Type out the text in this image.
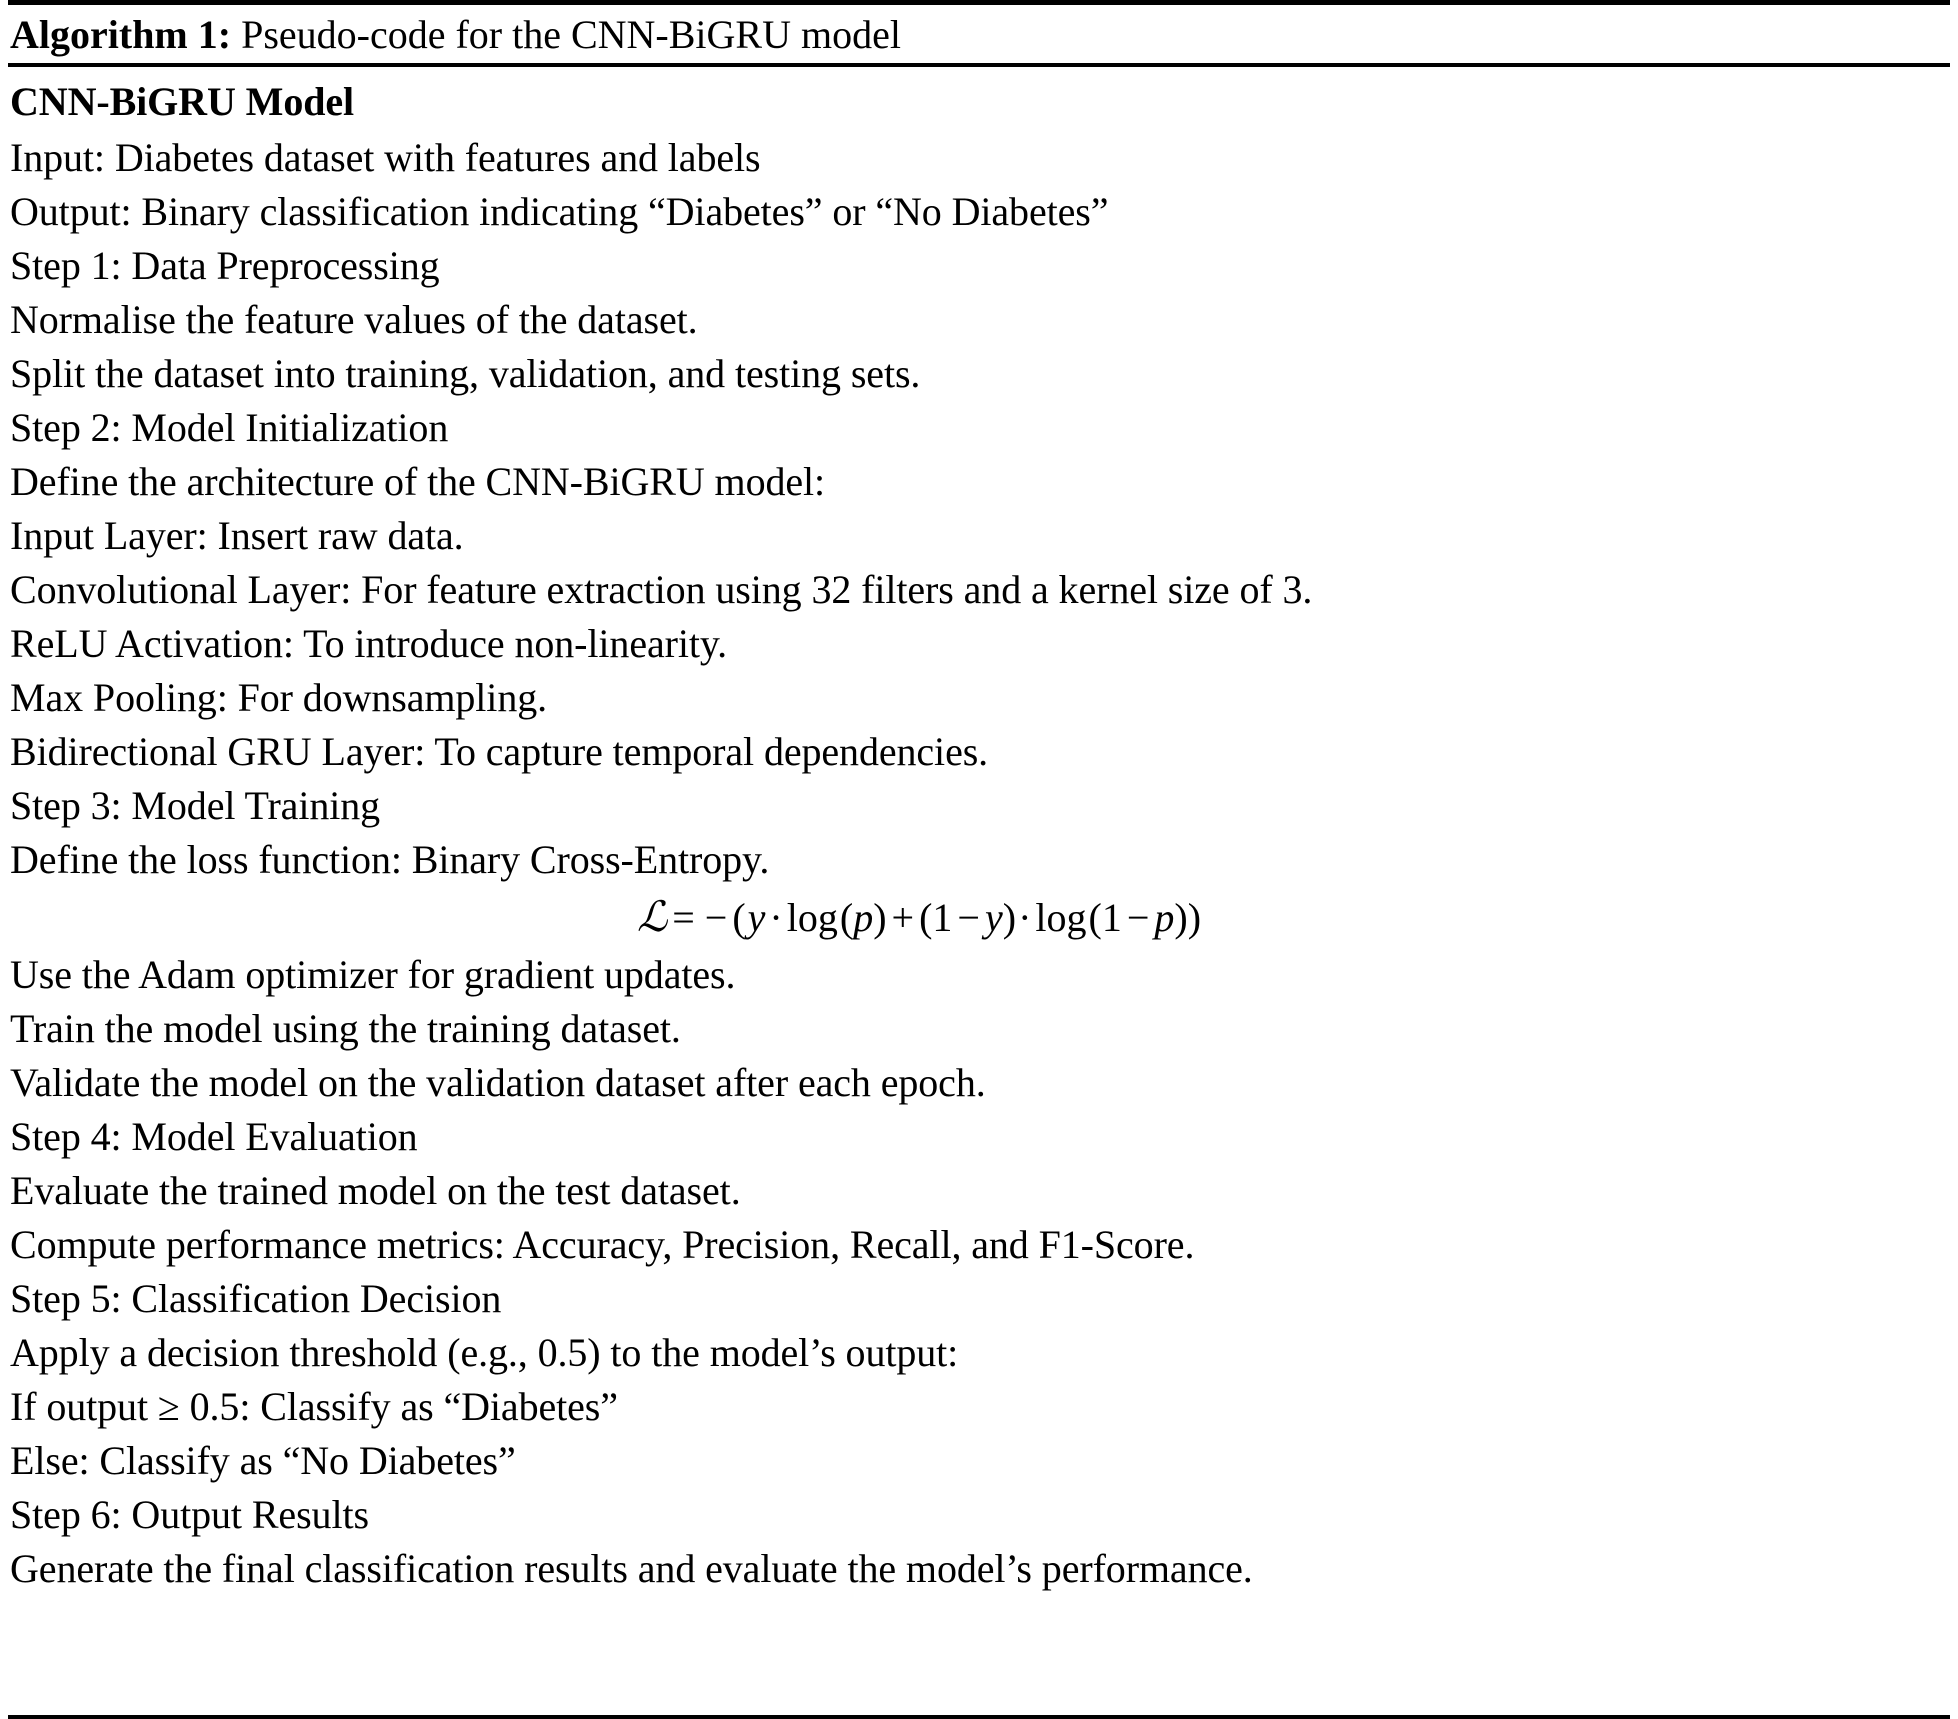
Algorithm 1: Pseudo-code for the CNN-BiGRU model
CNN-BiGRU Model
Input: Diabetes dataset with features and labels
Output: Binary classification indicating “Diabetes” or “No Diabetes”
Step 1: Data Preprocessing
Normalise the feature values of the dataset.
Split the dataset into training, validation, and testing sets.
Step 2: Model Initialization
Define the architecture of the CNN-BiGRU model:
Input Layer: Insert raw data.
Convolutional Layer: For feature extraction using 32 filters and a kernel size of 3.
ReLU Activation: To introduce non-linearity.
Max Pooling: For downsampling.
Bidirectional GRU Layer: To capture temporal dependencies.
Step 3: Model Training
Define the loss function: Binary Cross-Entropy.
ℒ = − (y · log(p) + (1 − y)· log(1 − p))
Use the Adam optimizer for gradient updates.
Train the model using the training dataset.
Validate the model on the validation dataset after each epoch.
Step 4: Model Evaluation
Evaluate the trained model on the test dataset.
Compute performance metrics: Accuracy, Precision, Recall, and F1-Score.
Step 5: Classification Decision
Apply a decision threshold (e.g., 0.5) to the model’s output:
If output ≥ 0.5: Classify as “Diabetes”
Else: Classify as “No Diabetes”
Step 6: Output Results
Generate the final classification results and evaluate the model’s performance.
